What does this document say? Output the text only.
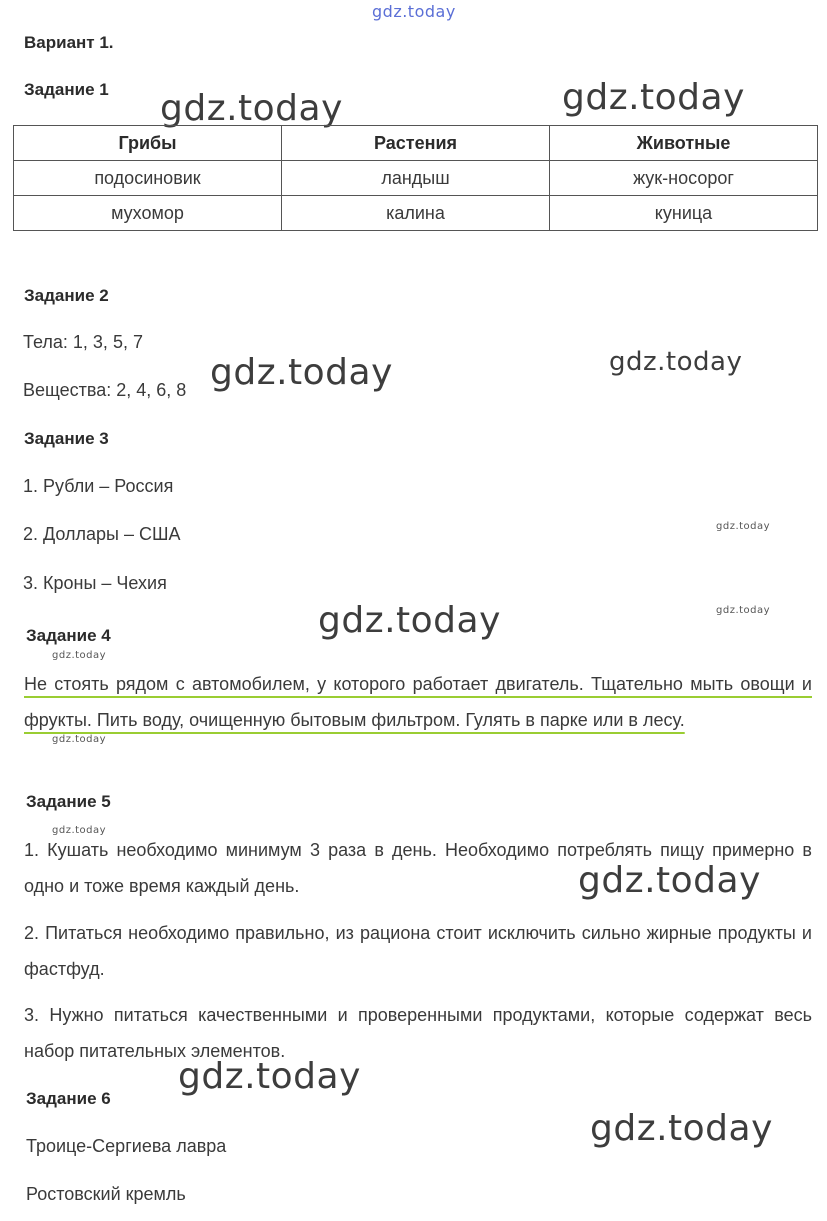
gdz.today
gdz.today	gdz.today
gdz.today	gdz.today
gdz.today
gdz.today
gdz.today
gdz.today
gdz.today
gdz.today
gdz.today
gdz.today
gdz.today
Вариант 1.
Задание 1
Грибы	Растения	Животные
подосиновик	ландыш	жук-носорог
мухомор	калина	куница
Задание 2
Тела: 1, 3, 5, 7
Вещества: 2, 4, 6, 8
Задание 3
1. Рубли – Россия
2. Доллары – США
3. Кроны – Чехия
Задание 4
Не стоять рядом с автомобилем, у которого работает двигатель. Тщательно мыть овощи и фрукты. Пить воду, очищенную бытовым фильтром. Гулять в парке или в лесу.
Задание 5
1. Кушать необходимо минимум 3 раза в день. Необходимо потреблять пищу примерно в одно и тоже время каждый день.
2. Питаться необходимо правильно, из рациона стоит исключить сильно жирные продукты и фастфуд.
3. Нужно питаться качественными и проверенными продуктами, которые содержат весь набор питательных элементов.
Задание 6
Троице-Сергиева лавра
Ростовский кремль
